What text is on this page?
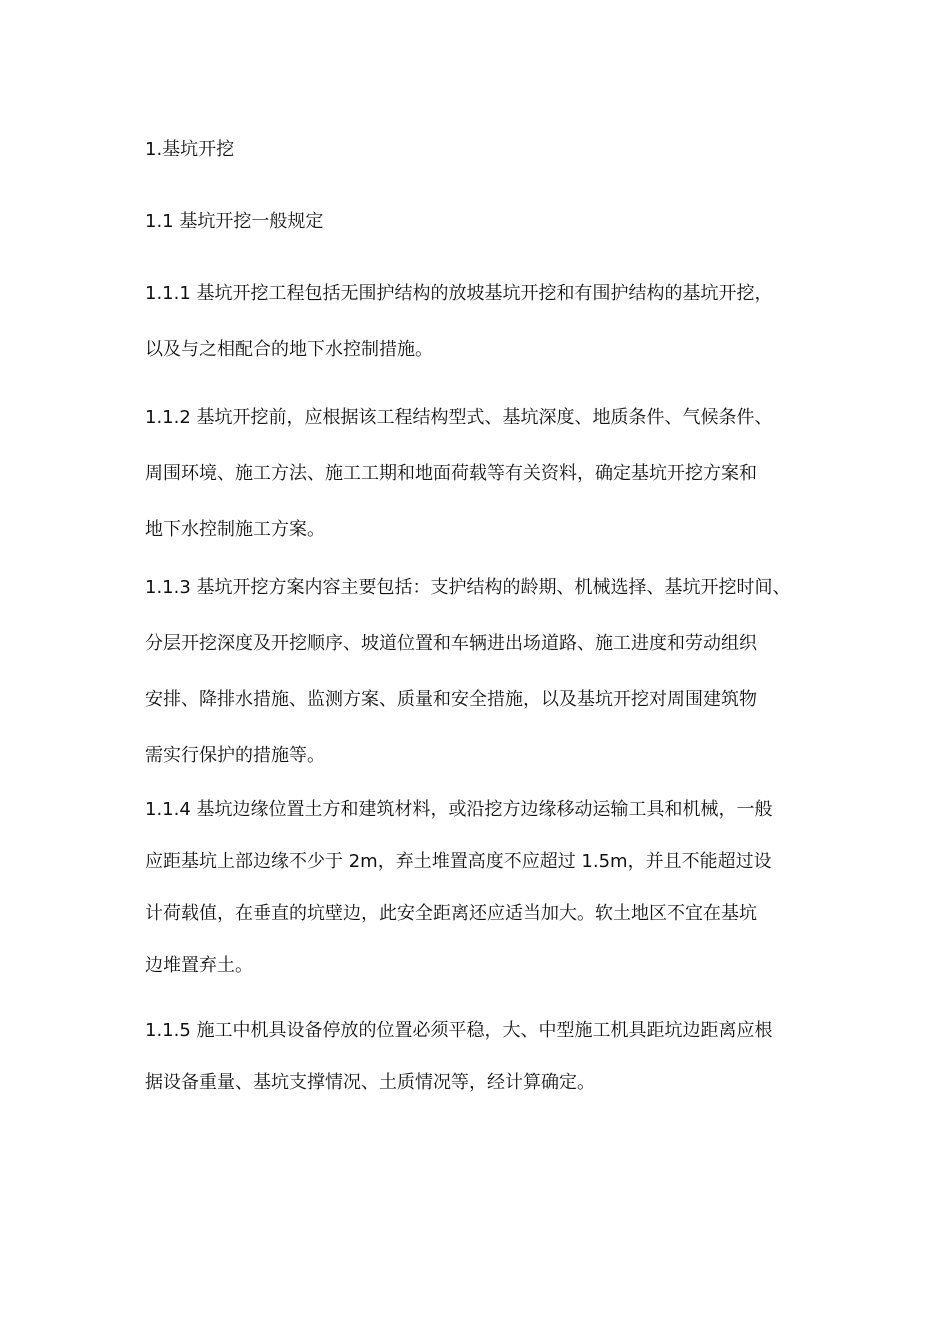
1.基坑开挖
1.1 基坑开挖一般规定
1.1.1 基坑开挖工程包括无围护结构的放坡基坑开挖和有围护结构的基坑开挖，
以及与之相配合的地下水控制措施。
1.1.2 基坑开挖前，应根据该工程结构型式、基坑深度、地质条件、气候条件、
周围环境、施工方法、施工工期和地面荷载等有关资料，确定基坑开挖方案和
地下水控制施工方案。
1.1.3 基坑开挖方案内容主要包括：支护结构的龄期、机械选择、基坑开挖时间、
分层开挖深度及开挖顺序、坡道位置和车辆进出场道路、施工进度和劳动组织
安排、降排水措施、监测方案、质量和安全措施，以及基坑开挖对周围建筑物
需实行保护的措施等。
1.1.4 基坑边缘位置土方和建筑材料，或沿挖方边缘移动运输工具和机械，一般
应距基坑上部边缘不少于 2m，弃土堆置高度不应超过 1.5m，并且不能超过设
计荷载值，在垂直的坑壁边，此安全距离还应适当加大。软土地区不宜在基坑
边堆置弃土。
1.1.5 施工中机具设备停放的位置必须平稳，大、中型施工机具距坑边距离应根
据设备重量、基坑支撑情况、土质情况等，经计算确定。
